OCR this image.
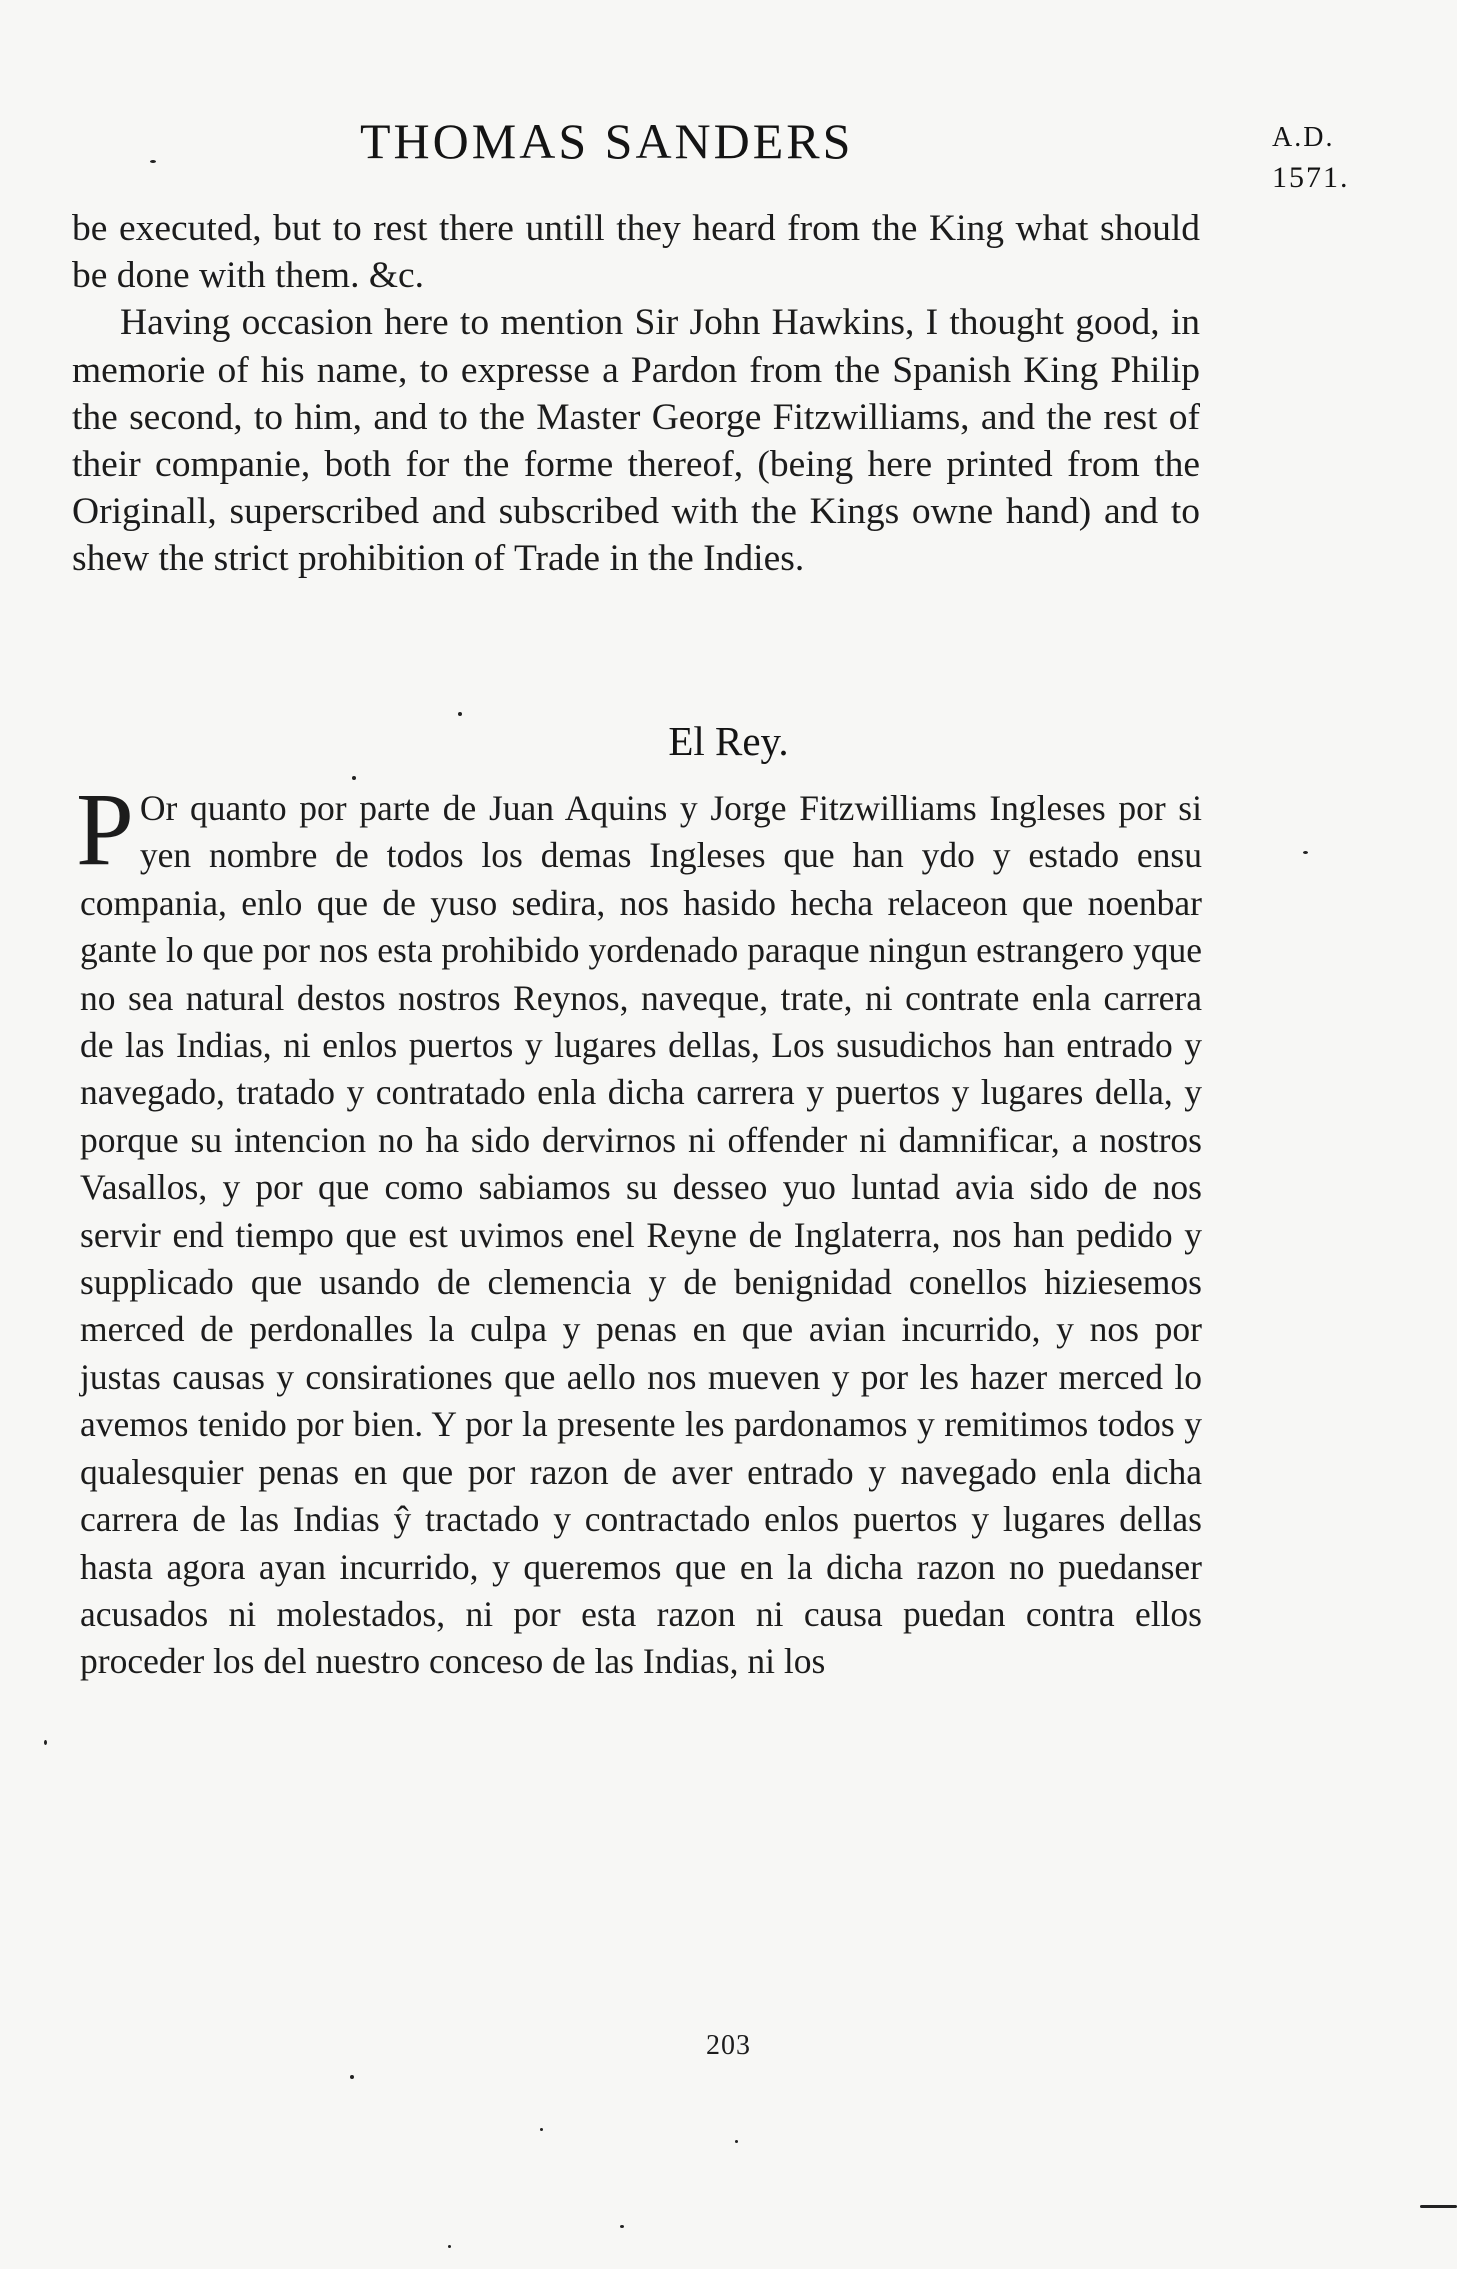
THOMAS SANDERS	A.D.
1571.

be executed, but to rest there untill they heard from the King what should be done with them. &c.

Having occasion here to mention Sir John Hawkins, I thought good, in memorie of his name, to expresse a Pardon from the Spanish King Philip the second, to him, and to the Master George Fitzwilliams, and the rest of their companie, both for the forme thereof, (being here printed from the Originall, superscribed and subscribed with the Kings owne hand) and to shew the strict prohibition of Trade in the Indies.

El Rey.

P Or quanto por parte de Juan Aquins y Jorge Fitzwilliams Ingleses por si yen nombre de todos los demas Ingleses que han ydo y estado ensu compania, enlo que de yuso sedira, nos hasido hecha relaceon que noenbar gante lo que por nos esta prohibido yordenado paraque ningun estrangero yque no sea natural destos nostros Reynos, naveque, trate, ni contrate enla carrera de las Indias, ni enlos puertos y lugares dellas, Los susudichos han entrado y navegado, tratado y contratado enla dicha carrera y puertos y lugares della, y porque su intencion no ha sido dervirnos ni offender ni damnificar, a nostros Vasallos, y por que como sabiamos su desseo yuo luntad avia sido de nos servir end tiempo que est uvimos enel Reyne de Inglaterra, nos han pedido y supplicado que usando de clemencia y de benignidad conellos hiziesemos merced de perdonalles la culpa y penas en que avian incurrido, y nos por justas causas y consirationes que aello nos mueven y por les hazer merced lo avemos tenido por bien. Y por la presente les pardonamos y remitimos todos y qualesquier penas en que por razon de aver entrado y navegado enla dicha carrera de las Indias ŷ tractado y contractado enlos puertos y lugares dellas hasta agora ayan incurrido, y queremos que en la dicha razon no puedanser acusados ni molestados, ni por esta razon ni causa puedan contra ellos proceder los del nuestro conceso de las Indias, ni los

203
